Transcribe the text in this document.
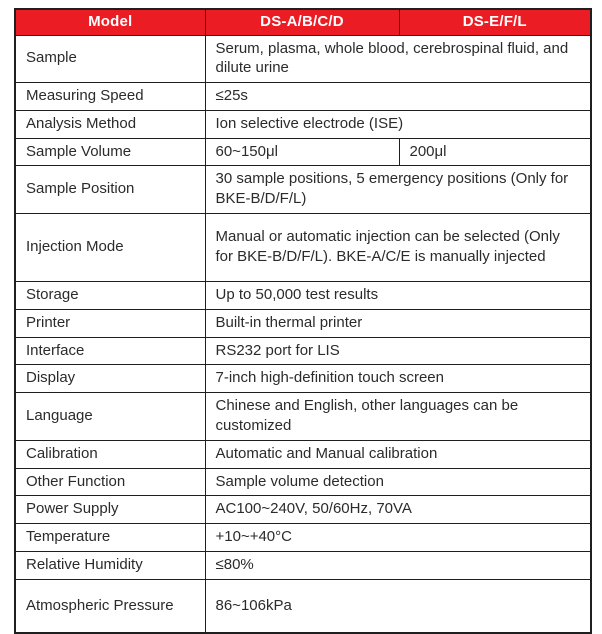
Model	DS-A/B/C/D	DS-E/F/L
Sample	Serum, plasma, whole blood, cerebrospinal fluid, and dilute urine	
Measuring Speed	≤25s	
Analysis Method	Ion selective electrode (ISE)	
Sample Volume	60~150μl	200μl
Sample Position	30 sample positions, 5 emergency positions (Only for BKE-B/D/F/L)	
Injection Mode	Manual or automatic injection can be selected (Only for BKE-B/D/F/L). BKE-A/C/E is manually injected	
Storage	Up to 50,000 test results	
Printer	Built-in thermal printer	
Interface	RS232 port for LIS	
Display	7-inch high-definition touch screen	
Language	Chinese and English, other languages can be customized	
Calibration	Automatic and Manual calibration	
Other Function	Sample volume detection	
Power Supply	AC100~240V, 50/60Hz, 70VA	
Temperature	+10~+40°C	
Relative Humidity	≤80%	
Atmospheric Pressure	86~106kPa	
